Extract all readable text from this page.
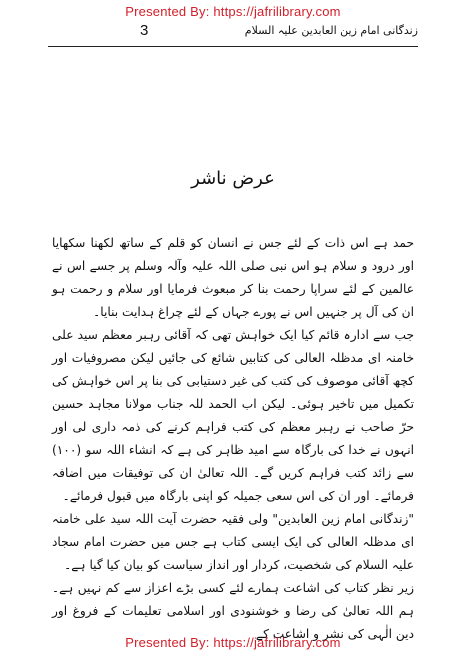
Presented By: https://jafrilibrary.com
3	زندگانی امام زین العابدین علیہ السلام
عرض ناشر

حمد ہے اس ذات کے لئے جس نے انسان کو قلم کے ساتھ لکھنا سکھایا اور درود و سلام ہو اس نبی صلی اللہ علیہ وآلہ وسلم پر جسے اس نے عالمین کے لئے سراپا رحمت بنا کر مبعوث فرمایا اور سلام و رحمت ہو ان کی آل پر جنہیں اس نے پورے جہاں کے لئے چراغ ہدایت بنایا۔

جب سے ادارہ قائم کیا ایک خواہش تھی کہ آقائی رہبر معظم سید علی خامنہ ای مدظلہ العالی کی کتابیں شائع کی جائیں لیکن مصروفیات اور کچھ آقائی موصوف کی کتب کی غیر دستیابی کی بنا پر اس خواہش کی تکمیل میں تاخیر ہوئی۔ لیکن اب الحمد للہ جناب مولانا مجاہد حسین حرّ صاحب نے رہبر معظم کی کتب فراہم کرنے کی ذمہ داری لی اور انہوں نے خدا کی بارگاہ سے امید ظاہر کی ہے کہ انشاء اللہ سو (۱۰۰) سے زائد کتب فراہم کریں گے۔ اللہ تعالیٰ ان کی توفیقات میں اضافہ فرمائے۔ اور ان کی اس سعی جمیلہ کو اپنی بارگاہ میں قبول فرمائے۔

"زندگانی امام زین العابدین" ولی فقیہ حضرت آیت اللہ سید علی خامنہ ای مدظلہ العالی کی ایک ایسی کتاب ہے جس میں حضرت امام سجاد علیہ السلام کی شخصیت، کردار اور انداز سیاست کو بیان کیا گیا ہے۔

زیر نظر کتاب کی اشاعت ہمارے لئے کسی بڑے اعزاز سے کم نہیں ہے۔ ہم اللہ تعالیٰ کی رضا و خوشنودی اور اسلامی تعلیمات کے فروغ اور دین الٰہی کی نشر و اشاعت کے

Presented By: https://jafrilibrary.com
